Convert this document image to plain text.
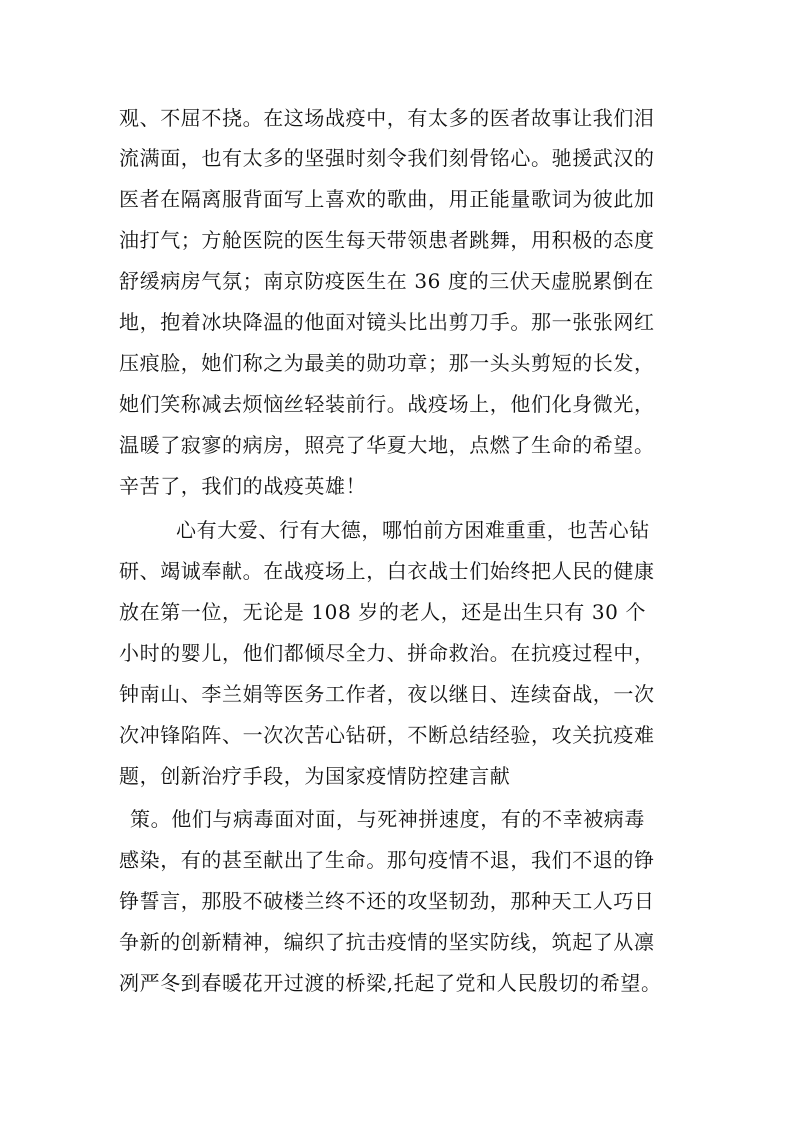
观、不屈不挠。在这场战疫中，有太多的医者故事让我们泪
流满面，也有太多的坚强时刻令我们刻骨铭心。驰援武汉的
医者在隔离服背面写上喜欢的歌曲，用正能量歌词为彼此加
油打气；方舱医院的医生每天带领患者跳舞，用积极的态度
舒缓病房气氛；南京防疫医生在 36 度的三伏天虚脱累倒在
地，抱着冰块降温的他面对镜头比出剪刀手。那一张张网红
压痕脸，她们称之为最美的勋功章；那一头头剪短的长发，
她们笑称减去烦恼丝轻装前行。战疫场上，他们化身微光，
温暖了寂寥的病房，照亮了华夏大地，点燃了生命的希望。
辛苦了，我们的战疫英雄！
心有大爱、行有大德，哪怕前方困难重重，也苦心钻
研、竭诚奉献。在战疫场上，白衣战士们始终把人民的健康
放在第一位，无论是 108 岁的老人，还是出生只有 30 个
小时的婴儿，他们都倾尽全力、拼命救治。在抗疫过程中，
钟南山、李兰娟等医务工作者，夜以继日、连续奋战，一次
次冲锋陷阵、一次次苦心钻研，不断总结经验，攻关抗疫难
题，创新治疗手段，为国家疫情防控建言献
策。他们与病毒面对面，与死神拼速度，有的不幸被病毒
感染，有的甚至献出了生命。那句疫情不退，我们不退的铮
铮誓言，那股不破楼兰终不还的攻坚韧劲，那种天工人巧日
争新的创新精神，编织了抗击疫情的坚实防线，筑起了从凛
冽严冬到春暖花开过渡的桥梁,托起了党和人民殷切的希望。
